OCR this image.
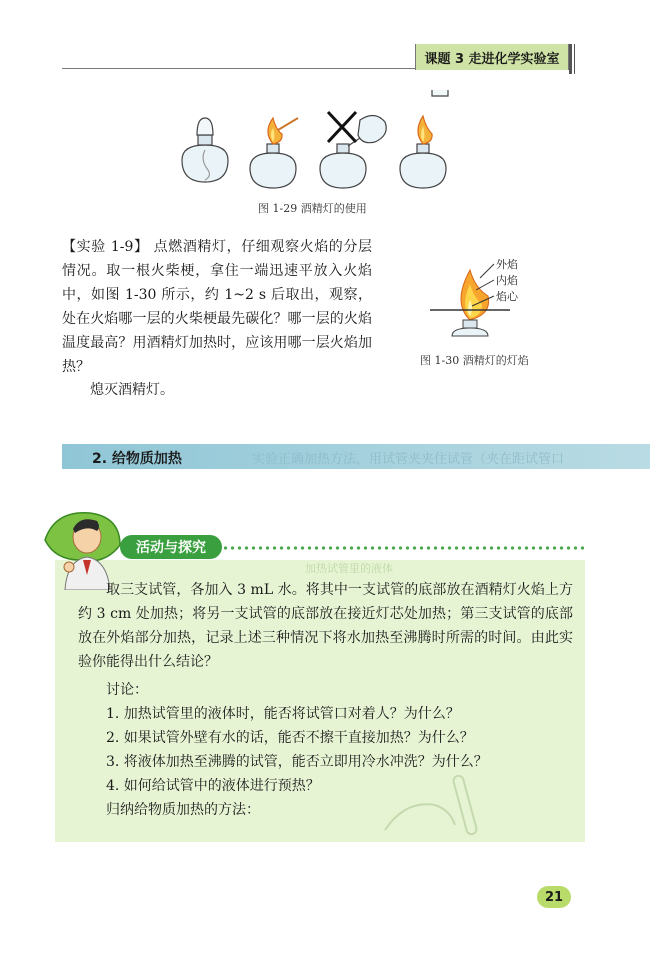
课题 3 走进化学实验室
图 1-29 酒精灯的使用
【实验 1-9】 点燃酒精灯，仔细观察火焰的分层情况。取一根火柴梗，拿住一端迅速平放入火焰中，如图 1-30 所示，约 1~2 s 后取出，观察，处在火焰哪一层的火柴梗最先碳化？哪一层的火焰温度最高？用酒精灯加热时，应该用哪一层火焰加热？
熄灭酒精灯。
外焰
内焰
焰心
图 1-30 酒精灯的灯焰
2. 给物质加热	实验正确加热方法，用试管夹夹住试管（夹在距试管口
活动与探究
加热试管里的液体
取三支试管，各加入 3 mL 水。将其中一支试管的底部放在酒精灯火焰上方约 3 cm 处加热；将另一支试管的底部放在接近灯芯处加热；第三支试管的底部放在外焰部分加热，记录上述三种情况下将水加热至沸腾时所需的时间。由此实验你能得出什么结论？
讨论：
1. 加热试管里的液体时，能否将试管口对着人？为什么？
2. 如果试管外壁有水的话，能否不擦干直接加热？为什么？
3. 将液体加热至沸腾的试管，能否立即用冷水冲洗？为什么？
4. 如何给试管中的液体进行预热？
归纳给物质加热的方法：
21
